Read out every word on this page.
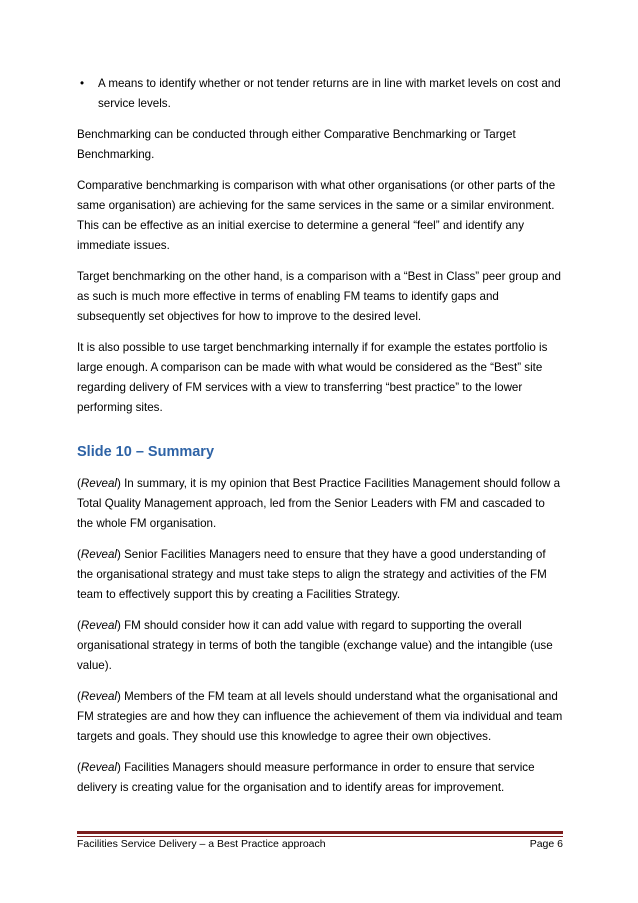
• A means to identify whether or not tender returns are in line with market levels on cost and service levels.

Benchmarking can be conducted through either Comparative Benchmarking or Target Benchmarking.

Comparative benchmarking is comparison with what other organisations (or other parts of the same organisation) are achieving for the same services in the same or a similar environment. This can be effective as an initial exercise to determine a general “feel” and identify any immediate issues.

Target benchmarking on the other hand, is a comparison with a “Best in Class” peer group and as such is much more effective in terms of enabling FM teams to identify gaps and subsequently set objectives for how to improve to the desired level.

It is also possible to use target benchmarking internally if for example the estates portfolio is large enough. A comparison can be made with what would be considered as the “Best” site regarding delivery of FM services with a view to transferring “best practice” to the lower performing sites.

Slide 10 – Summary

(Reveal) In summary, it is my opinion that Best Practice Facilities Management should follow a Total Quality Management approach, led from the Senior Leaders with FM and cascaded to the whole FM organisation.

(Reveal) Senior Facilities Managers need to ensure that they have a good understanding of the organisational strategy and must take steps to align the strategy and activities of the FM team to effectively support this by creating a Facilities Strategy.

(Reveal) FM should consider how it can add value with regard to supporting the overall organisational strategy in terms of both the tangible (exchange value) and the intangible (use value).

(Reveal) Members of the FM team at all levels should understand what the organisational and FM strategies are and how they can influence the achievement of them via individual and team targets and goals. They should use this knowledge to agree their own objectives.

(Reveal) Facilities Managers should measure performance in order to ensure that service delivery is creating value for the organisation and to identify areas for improvement.

Facilities Service Delivery – a Best Practice approach	Page 6
